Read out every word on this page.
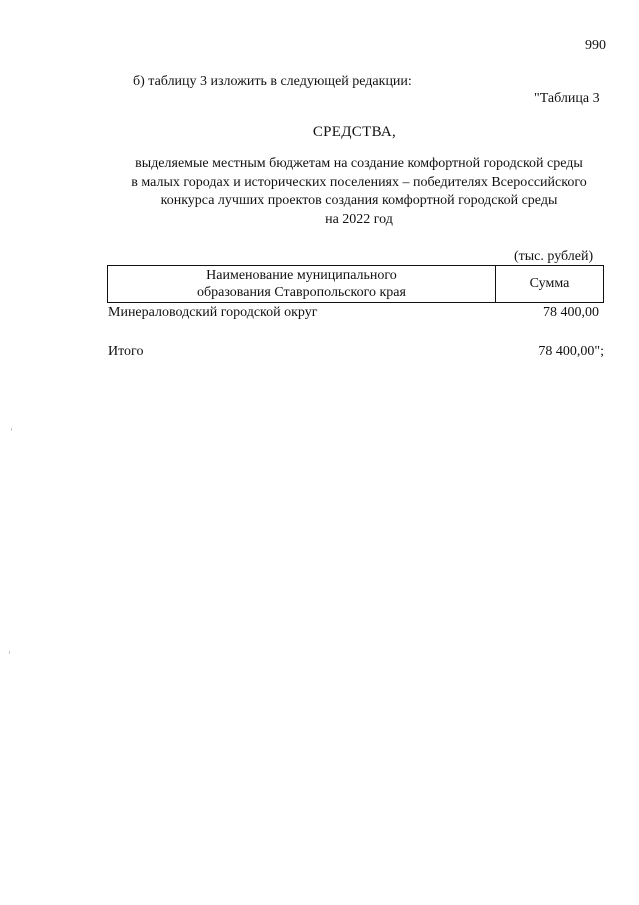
990
б) таблицу 3 изложить в следующей редакции:
"Таблица 3
СРЕДСТВА,
выделяемые местным бюджетам на создание комфортной городской среды
в малых городах и исторических поселениях – победителях Всероссийского
конкурса лучших проектов создания комфортной городской среды
на 2022 год
(тыс. рублей)
Наименование муниципального
образования Ставропольского края
Сумма
Минераловодский городской округ	78 400,00
Итого	78 400,00";
